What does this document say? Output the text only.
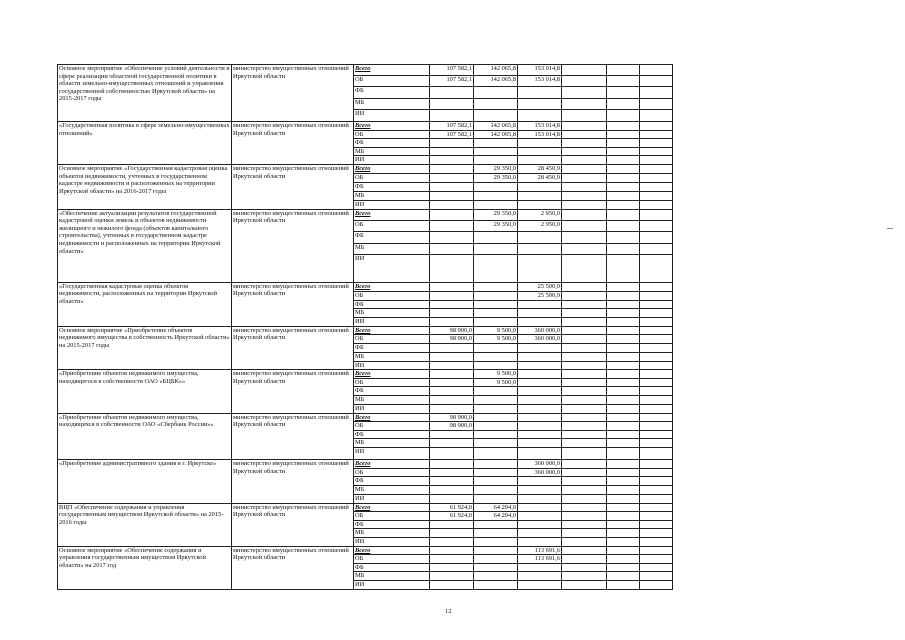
Основное мероприятие «Обеспечение условий деятельности в сфере реализации областной государственной политики в области земельно-имущественных отношений и управления государственной собственностью Иркутской области» на 2015-2017 годы	министерство имущественных отношений Иркутской области	Всего	107 582,1	142 065,8	153 014,8			
		ОБ	107 582,1	142 065,8	153 014,8			
		ФБ						
		МБ						
		ИИ						
«Государственная политика в сфере земельно-имущественных отношений»	министерство имущественных отношений Иркутской области	Всего	107 582,1	142 065,8	153 014,8			
		ОБ	107 582,1	142 065,8	153 014,8			
		ФБ						
		МБ						
		ИИ						
Основное мероприятие «Государственная кадастровая оценка объектов недвижимости, учтенных в государственном кадастре недвижимости и расположенных на территории Иркутской области» на 2016-2017 годы	министерство имущественных отношений Иркутской области	Всего		29 350,0	28 450,9			
		ОБ		29 350,0	28 450,9			
		ФБ						
		МБ						
		ИИ						
«Обеспечение актуализации результатов государственной кадастровой оценки земель и объектов недвижимости жилищного и нежилого фонда (объектов капитального строительства), учтенных в государственном кадастре недвижимости и расположенных на территории Иркутской области»	министерство имущественных отношений Иркутской области	Всего		29 350,0	2 950,0			
		ОБ		29 350,0	2 950,0			
		ФБ						
		МБ						
		ИИ						
«Государственная кадастровая оценка объектов недвижимости, расположенных на территории Иркутской области»	министерство имущественных отношений Иркутской области	Всего			25 500,9			
		ОБ			25 500,9			
		ФБ						
		МБ						
		ИИ						
Основное мероприятие «Приобретение объектов недвижимого имущества в собственность Иркутской области» на 2015-2017 годы	министерство имущественных отношений Иркутской области	Всего	98 900,0	9 500,0	360 000,0			
		ОБ	98 900,0	9 500,0	360 000,0			
		ФБ						
		МБ						
		ИИ						
«Приобретение объектов недвижимого имущества, находящегося в собственности ОАО «БЦБК»»	министерство имущественных отношений Иркутской области	Всего		9 500,0				
		ОБ		9 500,0				
		ФБ						
		МБ						
		ИИ						
«Приобретение объектов недвижимого имущества, находящихся в собственности ОАО «Сбербанк России»»	министерство имущественных отношений Иркутской области	Всего	98 900,0					
		ОБ	98 900,0					
		ФБ						
		МБ						
		ИИ						
«Приобретение административного здания в г. Иркутске»	министерство имущественных отношений Иркутской области	Всего			360 000,0			
		ОБ			360 000,0			
		ФБ						
		МБ						
		ИИ						
ВЦП «Обеспечение содержания и управления государственным имуществом Иркутской области» на 2015-2016 годы	министерство имущественных отношений Иркутской области	Всего	61 924,0	64 294,0				
		ОБ	61 924,0	64 294,0				
		ФБ						
		МБ						
		ИИ						
Основное мероприятие «Обеспечение содержания и управления государственным имуществом Иркутской области» на 2017 год	министерство имущественных отношений Иркутской области	Всего			113 691,6			
		ОБ			113 691,6			
		ФБ						
		МБ						
		ИИ						
12
